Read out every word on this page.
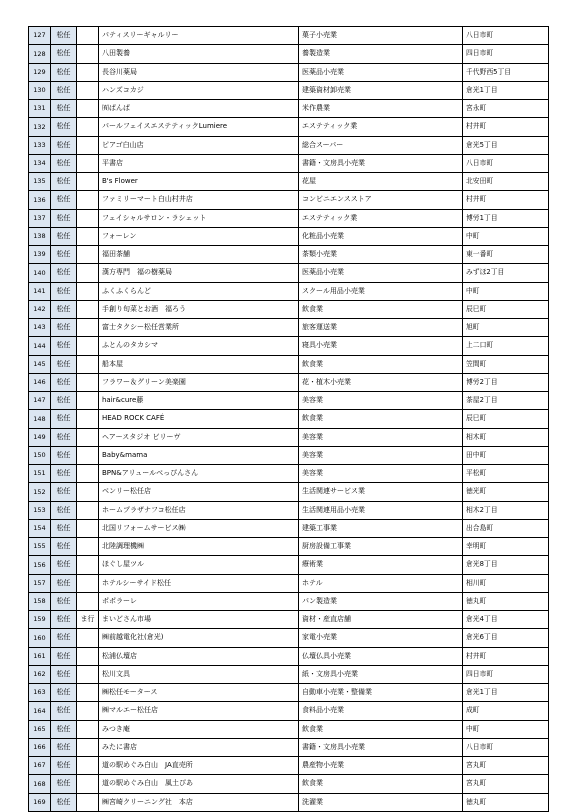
127	松任		パティスリーギャルリー	菓子小売業	八日市町
128	松任		八田製養	養製造業	四日市町
129	松任		長谷川薬局	医薬品小売業	千代野西5丁目
130	松任		ハンズコカジ	建築資材卸売業	倉光1丁目
131	松任		㈲ぱんぱ	米作農業	宮永町
132	松任		パールフェイスエステティックLumiere	エステティック業	村井町
133	松任		ピアゴ白山店	総合スーパー	倉光5丁目
134	松任		平書店	書籍・文房具小売業	八日市町
135	松任		B's Flower	花屋	北安田町
136	松任		ファミリーマート白山村井店	コンビニエンスストア	村井町
137	松任		フェイシャルサロン・ラシェット	エステティック業	博労1丁目
138	松任		フォーレン	化粧品小売業	中町
139	松任		福田茶舗	茶類小売業	東一番町
140	松任		漢方専門　福の樹薬局	医薬品小売業	みずほ2丁目
141	松任		ふくふくらんど	スクール用品小売業	中町
142	松任		手創り旬菜とお酒　福ろう	飲食業	辰巳町
143	松任		富士タクシー松任営業所	旅客運送業	旭町
144	松任		ふとんのタカシマ	寝具小売業	上二口町
145	松任		船本屋	飲食業	笠間町
146	松任		フラワー＆グリーン美楽園	花・植木小売業	博労2丁目
147	松任		hair&cure藤	美容業	茶屋2丁目
148	松任		HEAD ROCK CAFÉ	飲食業	辰巳町
149	松任		ヘアースタジオ ビリーヴ	美容業	相木町
150	松任		Baby&mama	美容業	田中町
151	松任		BPN&アリュールべっぴんさん	美容業	平松町
152	松任		ベンリー松任店	生活関連サービス業	徳光町
153	松任		ホームプラザナフコ松任店	生活関連用品小売業	相木2丁目
154	松任		北国リフォームサービス㈱	建築工事業	出合島町
155	松任		北陸調理機㈱	厨房設備工事業	幸明町
156	松任		ほぐし屋ツル	療術業	倉光8丁目
157	松任		ホテルシーサイド松任	ホテル	相川町
158	松任		ポポラーレ	パン製造業	徳丸町
159	松任	ま行	まいどさん市場	資材・産直店舗	倉光4丁目
160	松任		㈱前越電化社(倉光)	家電小売業	倉光6丁目
161	松任		松浦仏壇店	仏壇仏具小売業	村井町
162	松任		松川文具	紙・文房具小売業	四日市町
163	松任		㈱松任モータース	自動車小売業・整備業	倉光1丁目
164	松任		㈱マルエー松任店	食料品小売業	成町
165	松任		みつき庵	飲食業	中町
166	松任		みたに書店	書籍・文房具小売業	八日市町
167	松任		道の駅めぐみ白山　JA直売所	農産物小売業	宮丸町
168	松任		道の駅めぐみ白山　風土ぴあ	飲食業	宮丸町
169	松任		㈱宮崎クリーニング社　本店	洗濯業	徳丸町
